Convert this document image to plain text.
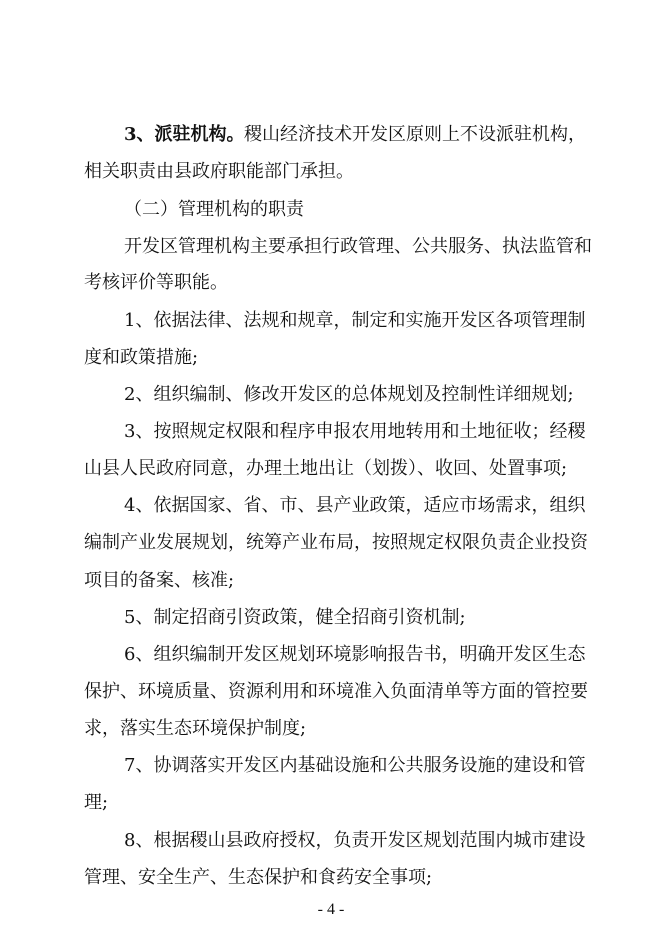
3、派驻机构。 稷山经济技术开发区原则上不设派驻机构，
相关职责由县政府职能部门承担。
（二）管理机构的职责
开发区管理机构主要承担行政管理、公共服务、执法监管和
考核评价等职能。
1、依据法律、法规和规章，制定和实施开发区各项管理制
度和政策措施;
2、组织编制、修改开发区的总体规划及控制性详细规划;
3、按照规定权限和程序申报农用地转用和土地征收；经稷
山县人民政府同意，办理土地出让（划拨）、收回、处置事项;
4、依据国家、省、市、县产业政策，适应市场需求，组织
编制产业发展规划，统筹产业布局，按照规定权限负责企业投资
项目的备案、核准;
5、制定招商引资政策，健全招商引资机制;
6、组织编制开发区规划环境影响报告书，明确开发区生态
保护、环境质量、资源利用和环境准入负面清单等方面的管控要
求，落实生态环境保护制度;
7、协调落实开发区内基础设施和公共服务设施的建设和管
理;
8、根据稷山县政府授权，负责开发区规划范围内城市建设
管理、安全生产、生态保护和食药安全事项;
- 4 -
